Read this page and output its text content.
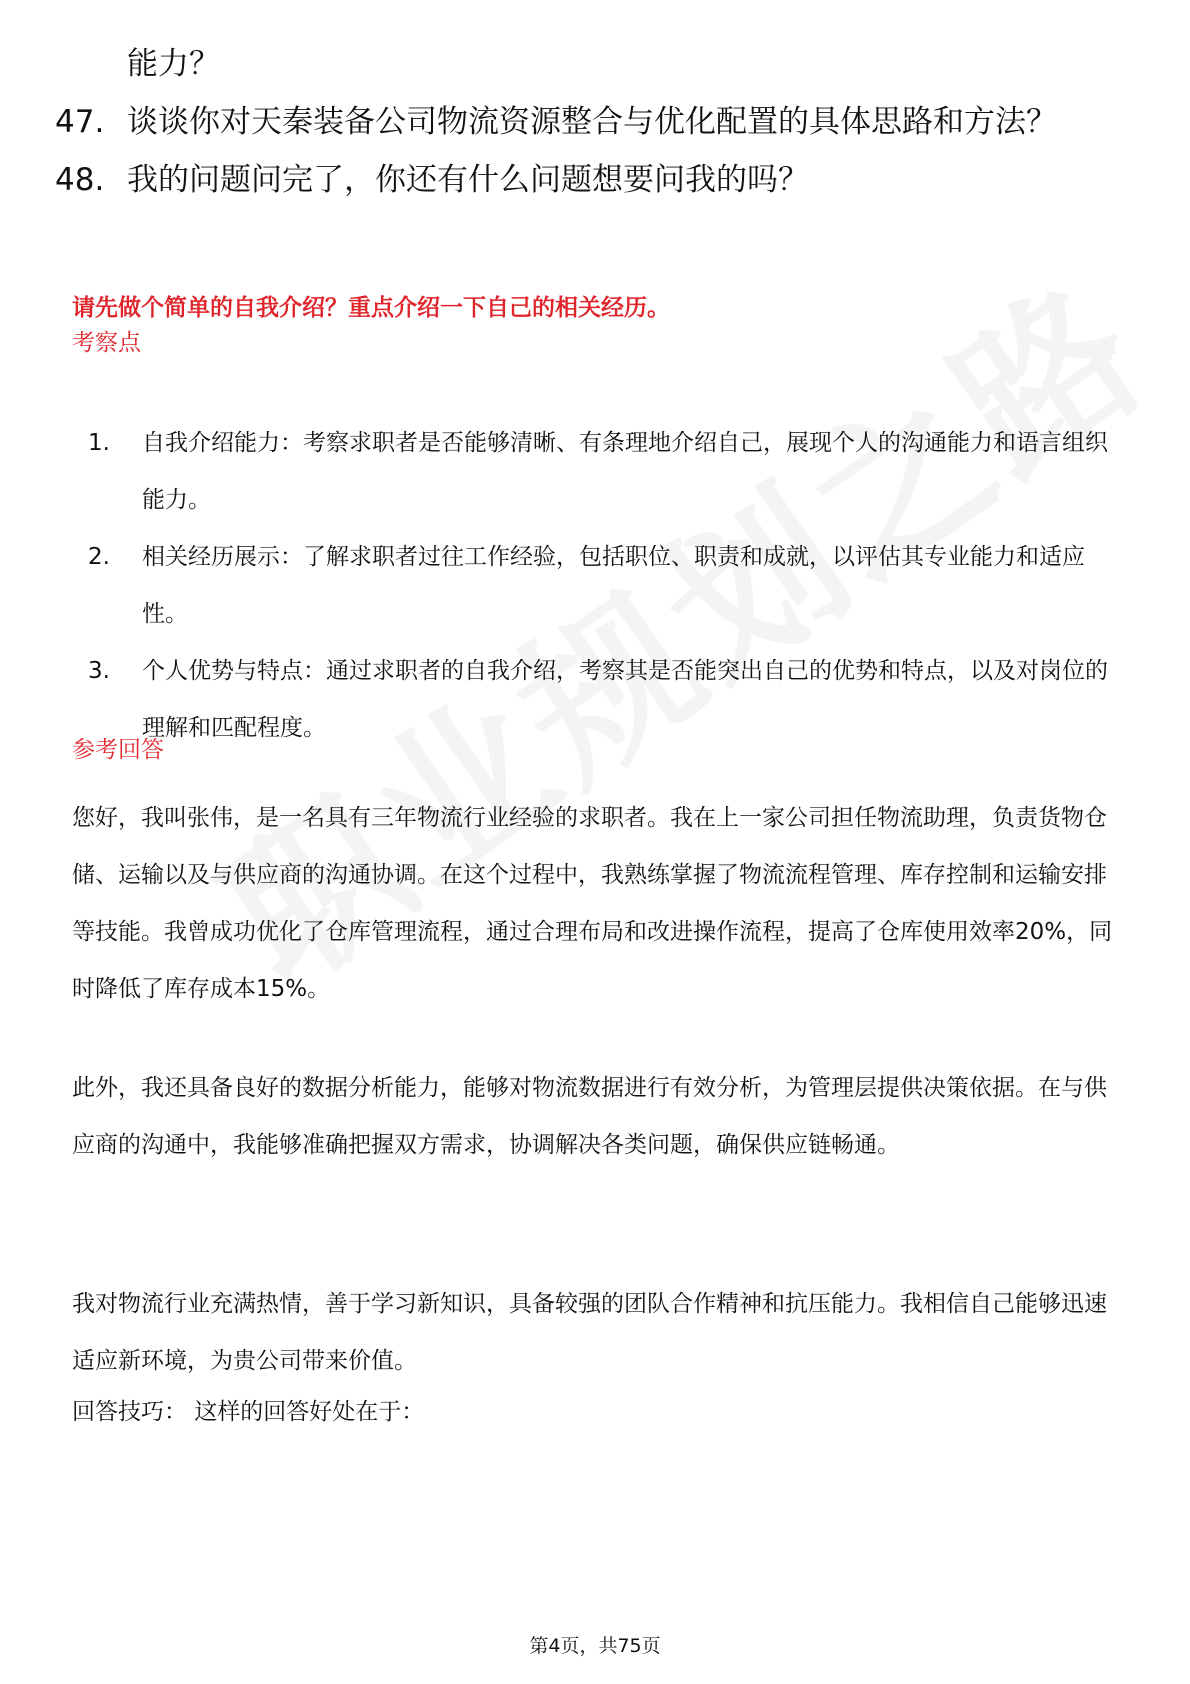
能力？
47. 谈谈你对天秦装备公司物流资源整合与优化配置的具体思路和方法？
48. 我的问题问完了，你还有什么问题想要问我的吗？
请先做个简单的自我介绍？重点介绍一下自己的相关经历。
考察点
1.	自我介绍能力：考察求职者是否能够清晰、有条理地介绍自己，展现个人的沟通能力和语言组织能力。
2.	相关经历展示：了解求职者过往工作经验，包括职位、职责和成就，以评估其专业能力和适应性。
3.	个人优势与特点：通过求职者的自我介绍，考察其是否能突出自己的优势和特点，以及对岗位的理解和匹配程度。
参考回答
您好，我叫张伟，是一名具有三年物流行业经验的求职者。我在上一家公司担任物流助理，负责货物仓储、运输以及与供应商的沟通协调。在这个过程中，我熟练掌握了物流流程管理、库存控制和运输安排等技能。我曾成功优化了仓库管理流程，通过合理布局和改进操作流程，提高了仓库使用效率20%，同时降低了库存成本15%。
此外，我还具备良好的数据分析能力，能够对物流数据进行有效分析，为管理层提供决策依据。在与供应商的沟通中，我能够准确把握双方需求，协调解决各类问题，确保供应链畅通。
我对物流行业充满热情，善于学习新知识，具备较强的团队合作精神和抗压能力。我相信自己能够迅速适应新环境，为贵公司带来价值。
回答技巧： 这样的回答好处在于：
第4页，共75页
